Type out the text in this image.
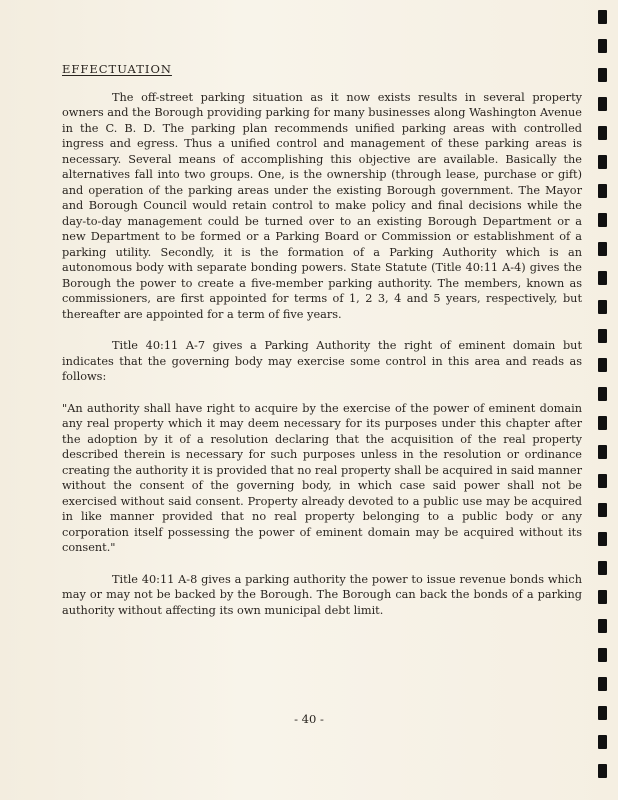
EFFECTUATION

The off-street parking situation as it now exists results in several property owners and the Borough providing parking for many businesses along Washington Avenue in the C. B. D. The parking plan recommends unified parking areas with controlled ingress and egress. Thus a unified control and management of these parking areas is necessary. Several means of accomplishing this objective are available. Basically the alternatives fall into two groups. One, is the ownership (through lease, purchase or gift) and operation of the parking areas under the existing Borough government. The Mayor and Borough Council would retain control to make policy and final decisions while the day-to-day management could be turned over to an existing Borough Department or a new Department to be formed or a Parking Board or Commission or establishment of a parking utility. Secondly, it is the formation of a Parking Authority which is an autonomous body with separate bonding powers. State Statute (Title 40:11 A-4) gives the Borough the power to create a five-member parking authority. The members, known as commissioners, are first appointed for terms of 1, 2 3, 4 and 5 years, respectively, but thereafter are appointed for a term of five years.

Title 40:11 A-7 gives a Parking Authority the right of eminent domain but indicates that the governing body may exercise some control in this area and reads as follows:

"An authority shall have right to acquire by the exercise of the power of eminent domain any real property which it may deem necessary for its purposes under this chapter after the adoption by it of a resolution declaring that the acquisition of the real property described therein is necessary for such purposes unless in the resolution or ordinance creating the authority it is provided that no real property shall be acquired in said manner without the consent of the governing body, in which case said power shall not be exercised without said consent. Property already devoted to a public use may be acquired in like manner provided that no real property belonging to a public body or any corporation itself possessing the power of eminent domain may be acquired without its consent."

Title 40:11 A-8 gives a parking authority the power to issue revenue bonds which may or may not be backed by the Borough. The Borough can back the bonds of a parking authority without affecting its own municipal debt limit.

- 40 -
